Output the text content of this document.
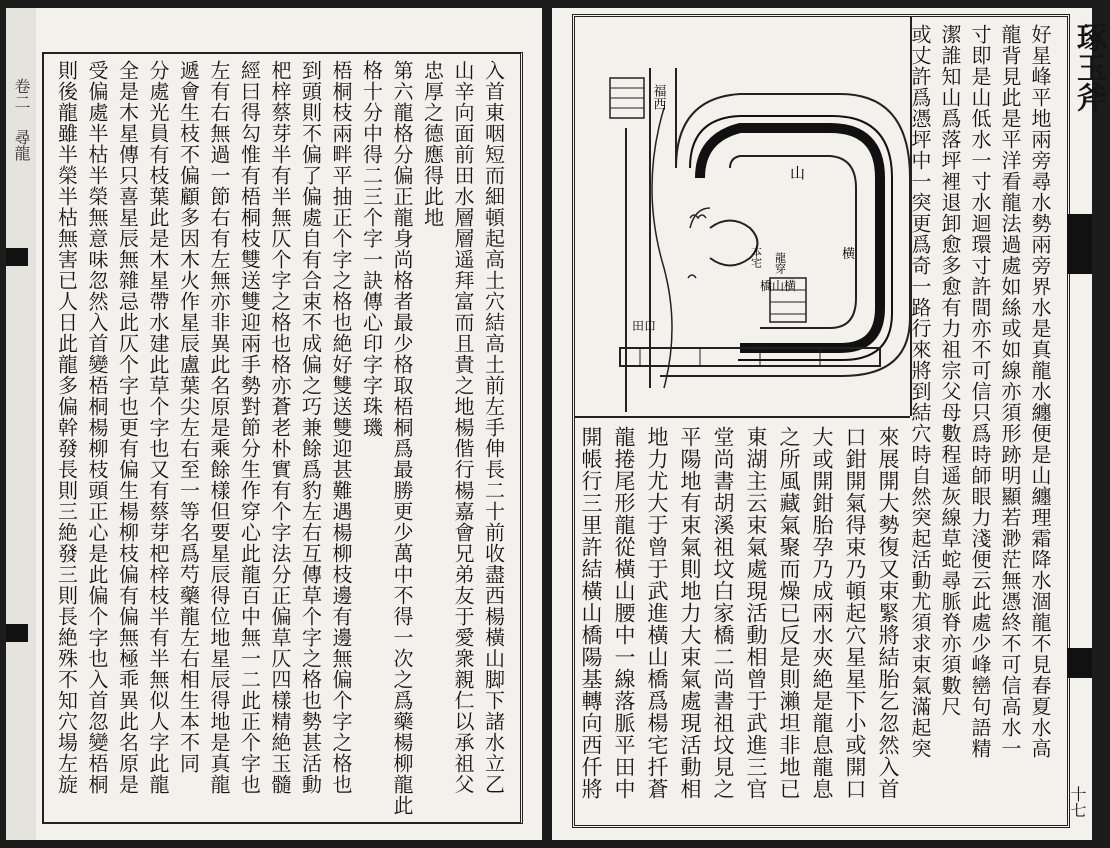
卷二 尋龍	入首東咽短而細頓起高土穴結高土前左手伸長二十前收盡西楊橫山脚下諸水立乙
山辛向面前田水層層遥拜富而且貴之地楊偕行楊嘉會兄弟友于愛衆親仁以承祖父
忠厚之德應得此地
第六龍格分偏正龍身尚格者最少格取梧桐爲最勝更少萬中不得一次之爲藥楊柳龍此
格十分中得二三个字一訣傳心印字字珠璣
梧桐枝兩畔平抽正个字之格也絶好雙送雙迎甚難遇楊柳枝邊有邊無偏个字之格也
到頭則不偏了偏處自有合束不成偏之巧兼餘爲豹左右互傳草个字之格也勢甚活動
杷梓蔡芽半有半無仄个字之格也格亦蒼老朴實有个字法分正偏草仄四樣精絶玉髓
經曰得勾惟有梧桐枝雙送雙迎兩手勢對節分生作穿心此龍百中無一二此正个字也
左有右無過一節右有左無亦非異此名原是乘餘樣但要星辰得位地星辰得地是真龍
遞會生枝不偏顧多因木火作星辰盧葉尖左右至一等名爲芍藥龍左右相生本不同
分處光員有枝葉此是木星帶水建此草个字也又有蔡芽杷梓枝半有半無似人字此龍
全是木星傳只喜星辰無雜忌此仄个字也更有偏生楊柳枝偏有偏無極乖異此名原是
受偏處半枯半榮無意味忽然入首變梧桐楊柳枝頭正心是此偏个字也入首忽變梧桐
則後龍雖半榮半枯無害已人日此龍多偏幹發長則三絶發三則長絶殊不知穴場左旋	琢玉斧
十七
福西
山
横
本宅 龍穿
橋山横
田口	好星峰平地兩旁尋水勢兩旁界水是真龍水纏便是山纏理霜降水涸龍不見春夏水高
龍背見此是平洋看龍法過處如絲或如線亦須形跡明顯若渺茫無憑終不可信高水一
寸即是山低水一寸水迴環寸許間亦不可信只爲時師眼力淺便云此處少峰巒句語精
潔誰知山爲落坪裡退卸愈多愈有力祖宗父母數程遥灰線草蛇尋脈脊亦須數尺
或丈許爲憑坪中一突更爲奇一路行來將到結穴時自然突起活動尤須求束氣滿起突
來展開大勢復又束緊將結胎乞忽然入首
口鉗開氣得束乃頓起穴星星下小或開口
大或開鉗胎孕乃成兩水夾絶是龍息龍息
之所風藏氣聚而燥已反是則瀨坦非地已
東湖主云束氣處現活動相曾于武進三官
堂尚書胡溪祖坟白家橋二尚書祖坟見之
平陽地有束氣則地力大束氣處現活動相
地力尤大于曾于武進橫山橋爲楊宅扦蒼
龍捲尾形龍從橫山腰中一線落脈平田中
開帳行三里許結橫山橋陽基轉向西仟將
